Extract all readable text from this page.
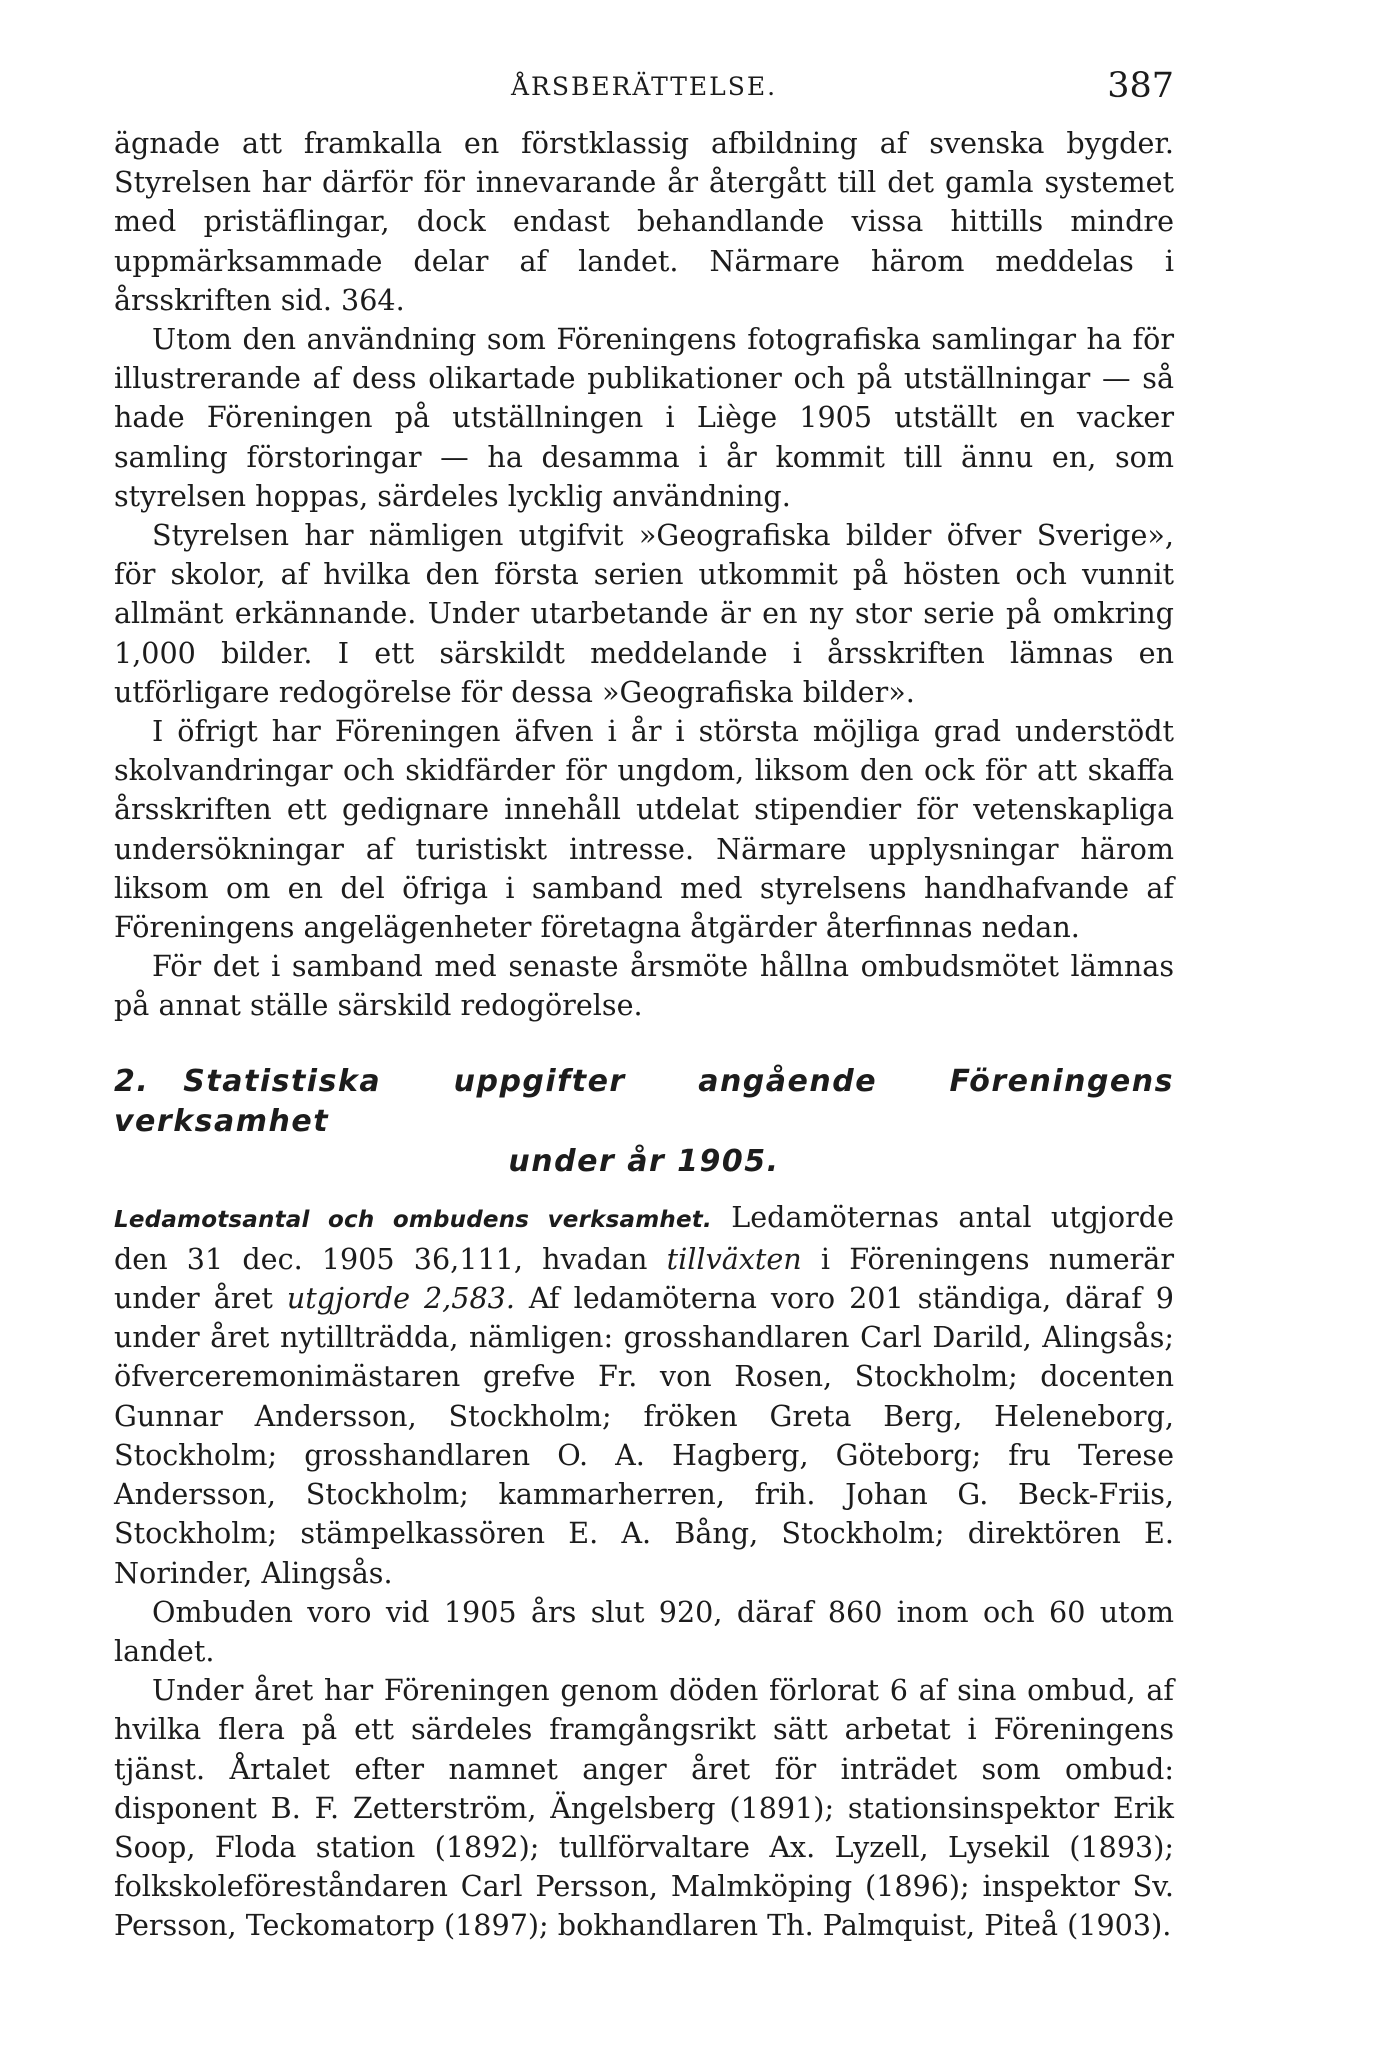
ÅRSBERÄTTELSE.	387

ägnade att framkalla en förstklassig afbildning af svenska bygder. Styrelsen har därför för innevarande år återgått till det gamla systemet med pristäflingar, dock endast behandlande vissa hittills mindre uppmärksammade delar af landet. Närmare härom meddelas i årsskriften sid. 364.

Utom den användning som Föreningens fotografiska samlingar ha för illustrerande af dess olikartade publikationer och på utställningar — så hade Föreningen på utställningen i Liège 1905 utställt en vacker samling förstoringar — ha desamma i år kommit till ännu en, som styrelsen hoppas, särdeles lycklig användning.

Styrelsen har nämligen utgifvit »Geografiska bilder öfver Sverige», för skolor, af hvilka den första serien utkommit på hösten och vunnit allmänt erkännande. Under utarbetande är en ny stor serie på omkring 1,000 bilder. I ett särskildt meddelande i årsskriften lämnas en utförligare redogörelse för dessa »Geografiska bilder».

I öfrigt har Föreningen äfven i år i största möjliga grad understödt skolvandringar och skidfärder för ungdom, liksom den ock för att skaffa årsskriften ett gedignare innehåll utdelat stipendier för vetenskapliga undersökningar af turistiskt intresse. Närmare upplysningar härom liksom om en del öfriga i samband med styrelsens handhafvande af Föreningens angelägenheter företagna åtgärder återfinnas nedan.

För det i samband med senaste årsmöte hållna ombudsmötet lämnas på annat ställe särskild redogörelse.

2. Statistiska uppgifter angående Föreningens verksamhet
under år 1905.

Ledamotsantal och ombudens verksamhet. Ledamöternas antal utgjorde den 31 dec. 1905 36,111, hvadan tillväxten i Föreningens numerär under året utgjorde 2,583. Af ledamöterna voro 201 ständiga, däraf 9 under året nytillträdda, nämligen: grosshandlaren Carl Darild, Alingsås; öfverceremonimästaren grefve Fr. von Rosen, Stockholm; docenten Gunnar Andersson, Stockholm; fröken Greta Berg, Heleneborg, Stockholm; grosshandlaren O. A. Hagberg, Göteborg; fru Terese Andersson, Stockholm; kammarherren, frih. Johan G. Beck-Friis, Stockholm; stämpelkassören E. A. Bång, Stockholm; direktören E. Norinder, Alingsås.

Ombuden voro vid 1905 års slut 920, däraf 860 inom och 60 utom landet.

Under året har Föreningen genom döden förlorat 6 af sina ombud, af hvilka flera på ett särdeles framgångsrikt sätt arbetat i Föreningens tjänst. Årtalet efter namnet anger året för inträdet som ombud: disponent B. F. Zetterström, Ängelsberg (1891); stationsinspektor Erik Soop, Floda station (1892); tullförvaltare Ax. Lyzell, Lysekil (1893); folkskoleföreståndaren Carl Persson, Malmköping (1896); inspektor Sv. Persson, Teckomatorp (1897); bokhandlaren Th. Palmquist, Piteå (1903).
